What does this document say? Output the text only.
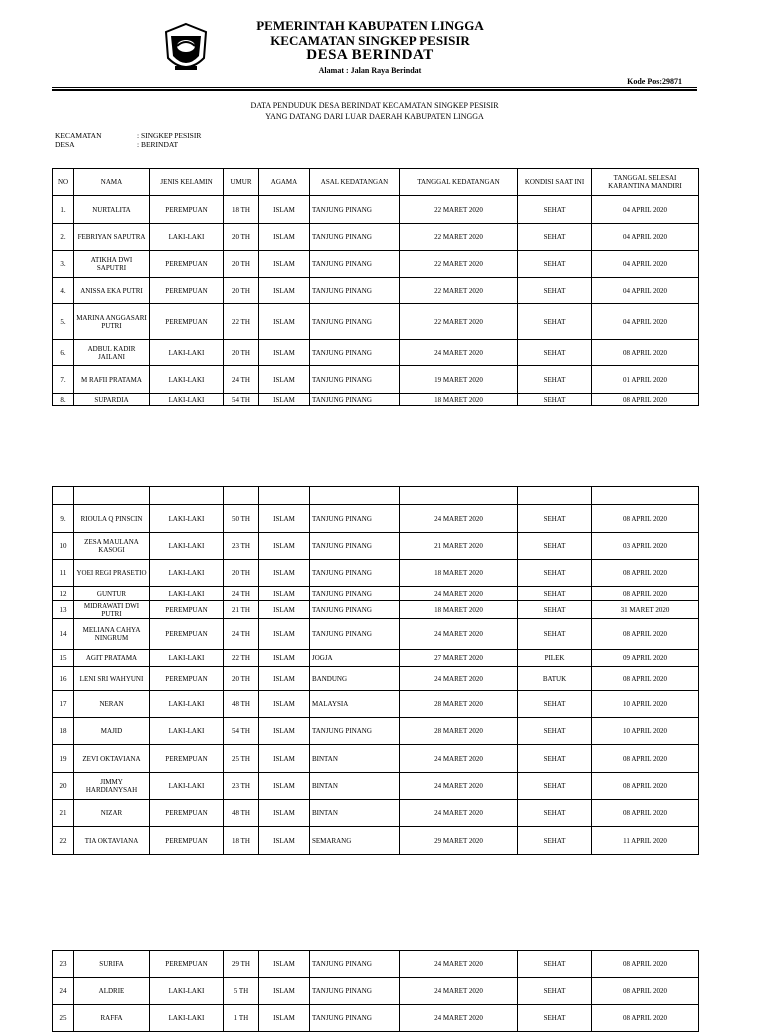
PEMERINTAH KABUPATEN LINGGA
KECAMATAN SINGKEP PESISIR
DESA BERINDAT
Alamat : Jalan Raya Berindat
Kode Pos:29871
DATA PENDUDUK DESA BERINDAT KECAMATAN SINGKEP PESISIR
YANG DATANG DARI LUAR DAERAH KABUPATEN LINGGA
KECAMATAN	: SINGKEP PESISIR
DESA	: BERINDAT
NO	NAMA	JENIS KELAMIN	UMUR	AGAMA	ASAL KEDATANGAN	TANGGAL KEDATANGAN	KONDISI SAAT INI	TANGGAL SELESAI KARANTINA MANDIRI
1.	NURTALITA	PEREMPUAN	18 TH	ISLAM	TANJUNG PINANG	22 MARET 2020	SEHAT	04 APRIL 2020
2.	FEBRIYAN SAPUTRA	LAKI-LAKI	20 TH	ISLAM	TANJUNG PINANG	22 MARET 2020	SEHAT	04 APRIL 2020
3.	ATIKHA DWI SAPUTRI	PEREMPUAN	20 TH	ISLAM	TANJUNG PINANG	22 MARET 2020	SEHAT	04 APRIL 2020
4.	ANISSA EKA PUTRI	PEREMPUAN	20 TH	ISLAM	TANJUNG PINANG	22 MARET 2020	SEHAT	04 APRIL 2020
5.	MARINA ANGGASARI PUTRI	PEREMPUAN	22 TH	ISLAM	TANJUNG PINANG	22 MARET 2020	SEHAT	04 APRIL 2020
6.	ADBUL KADIR JAILANI	LAKI-LAKI	20 TH	ISLAM	TANJUNG PINANG	24 MARET 2020	SEHAT	08 APRIL 2020
7.	M RAFII PRATAMA	LAKI-LAKI	24 TH	ISLAM	TANJUNG PINANG	19 MARET 2020	SEHAT	01 APRIL 2020
8.	SUPARDIA	LAKI-LAKI	54 TH	ISLAM	TANJUNG PINANG	18 MARET 2020	SEHAT	08 APRIL 2020

9.	RIOULA Q PINSCIN	LAKI-LAKI	50 TH	ISLAM	TANJUNG PINANG	24 MARET 2020	SEHAT	08 APRIL 2020
10	ZESA MAULANA KASOGI	LAKI-LAKI	23 TH	ISLAM	TANJUNG PINANG	21 MARET 2020	SEHAT	03 APRIL 2020
11	YOEI REGI PRASETIO	LAKI-LAKI	20 TH	ISLAM	TANJUNG PINANG	18 MARET 2020	SEHAT	08 APRIL 2020
12	GUNTUR	LAKI-LAKI	24 TH	ISLAM	TANJUNG PINANG	24 MARET 2020	SEHAT	08 APRIL 2020
13	MIDRAWATI DWI PUTRI	PEREMPUAN	21 TH	ISLAM	TANJUNG PINANG	18 MARET 2020	SEHAT	31 MARET 2020
14	MELIANA CAHYA NINGRUM	PEREMPUAN	24 TH	ISLAM	TANJUNG PINANG	24 MARET 2020	SEHAT	08 APRIL 2020
15	AGIT PRATAMA	LAKI-LAKI	22 TH	ISLAM	JOGJA	27 MARET 2020	PILEK	09 APRIL 2020
16	LENI SRI WAHYUNI	PEREMPUAN	20 TH	ISLAM	BANDUNG	24 MARET 2020	BATUK	08 APRIL 2020
17	NERAN	LAKI-LAKI	48 TH	ISLAM	MALAYSIA	28 MARET 2020	SEHAT	10 APRIL 2020
18	MAJID	LAKI-LAKI	54 TH	ISLAM	TANJUNG PINANG	28 MARET 2020	SEHAT	10 APRIL 2020
19	ZEVI OKTAVIANA	PEREMPUAN	25 TH	ISLAM	BINTAN	24 MARET 2020	SEHAT	08 APRIL 2020
20	JIMMY HARDIANYSAH	LAKI-LAKI	23 TH	ISLAM	BINTAN	24 MARET 2020	SEHAT	08 APRIL 2020
21	NIZAR	PEREMPUAN	48 TH	ISLAM	BINTAN	24 MARET 2020	SEHAT	08 APRIL 2020
22	TIA OKTAVIANA	PEREMPUAN	18 TH	ISLAM	SEMARANG	29 MARET 2020	SEHAT	11 APRIL 2020
23	SURIFA	PEREMPUAN	29 TH	ISLAM	TANJUNG PINANG	24 MARET 2020	SEHAT	08 APRIL 2020
24	ALDRIE	LAKI-LAKI	5 TH	ISLAM	TANJUNG PINANG	24 MARET 2020	SEHAT	08 APRIL 2020
25	RAFFA	LAKI-LAKI	1 TH	ISLAM	TANJUNG PINANG	24 MARET 2020	SEHAT	08 APRIL 2020
